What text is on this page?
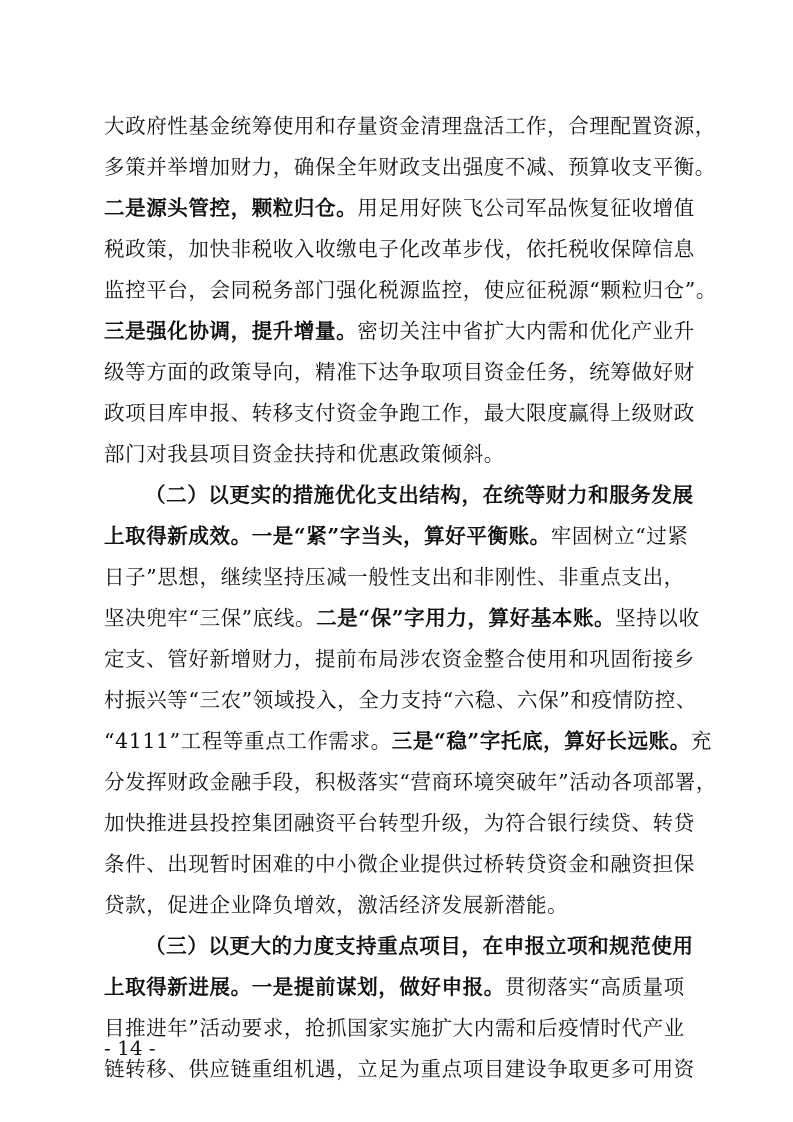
大政府性基金统筹使用和存量资金清理盘活工作，合理配置资源，
多策并举增加财力，确保全年财政支出强度不减、预算收支平衡。
二是源头管控，颗粒归仓。用足用好陕飞公司军品恢复征收增值
税政策，加快非税收入收缴电子化改革步伐，依托税收保障信息
监控平台，会同税务部门强化税源监控，使应征税源“颗粒归仓”。
三是强化协调，提升增量。密切关注中省扩大内需和优化产业升
级等方面的政策导向，精准下达争取项目资金任务，统筹做好财
政项目库申报、转移支付资金争跑工作，最大限度赢得上级财政
部门对我县项目资金扶持和优惠政策倾斜。
（二）以更实的措施优化支出结构，在统等财力和服务发展
上取得新成效。一是“紧”字当头，算好平衡账。牢固树立“过紧
日子”思想，继续坚持压减一般性支出和非刚性、非重点支出，
坚决兜牢“三保”底线。二是“保”字用力，算好基本账。坚持以收
定支、管好新增财力，提前布局涉农资金整合使用和巩固衔接乡
村振兴等“三农”领域投入，全力支持“六稳、六保”和疫情防控、
“4111”工程等重点工作需求。三是“稳”字托底，算好长远账。充
分发挥财政金融手段，积极落实“营商环境突破年”活动各项部署，
加快推进县投控集团融资平台转型升级，为符合银行续贷、转贷
条件、出现暂时困难的中小微企业提供过桥转贷资金和融资担保
贷款，促进企业降负增效，激活经济发展新潜能。
（三）以更大的力度支持重点项目，在申报立项和规范使用
上取得新进展。一是提前谋划，做好申报。贯彻落实“高质量项
目推进年”活动要求，抢抓国家实施扩大内需和后疫情时代产业
链转移、供应链重组机遇，立足为重点项目建设争取更多可用资
- 14 -
